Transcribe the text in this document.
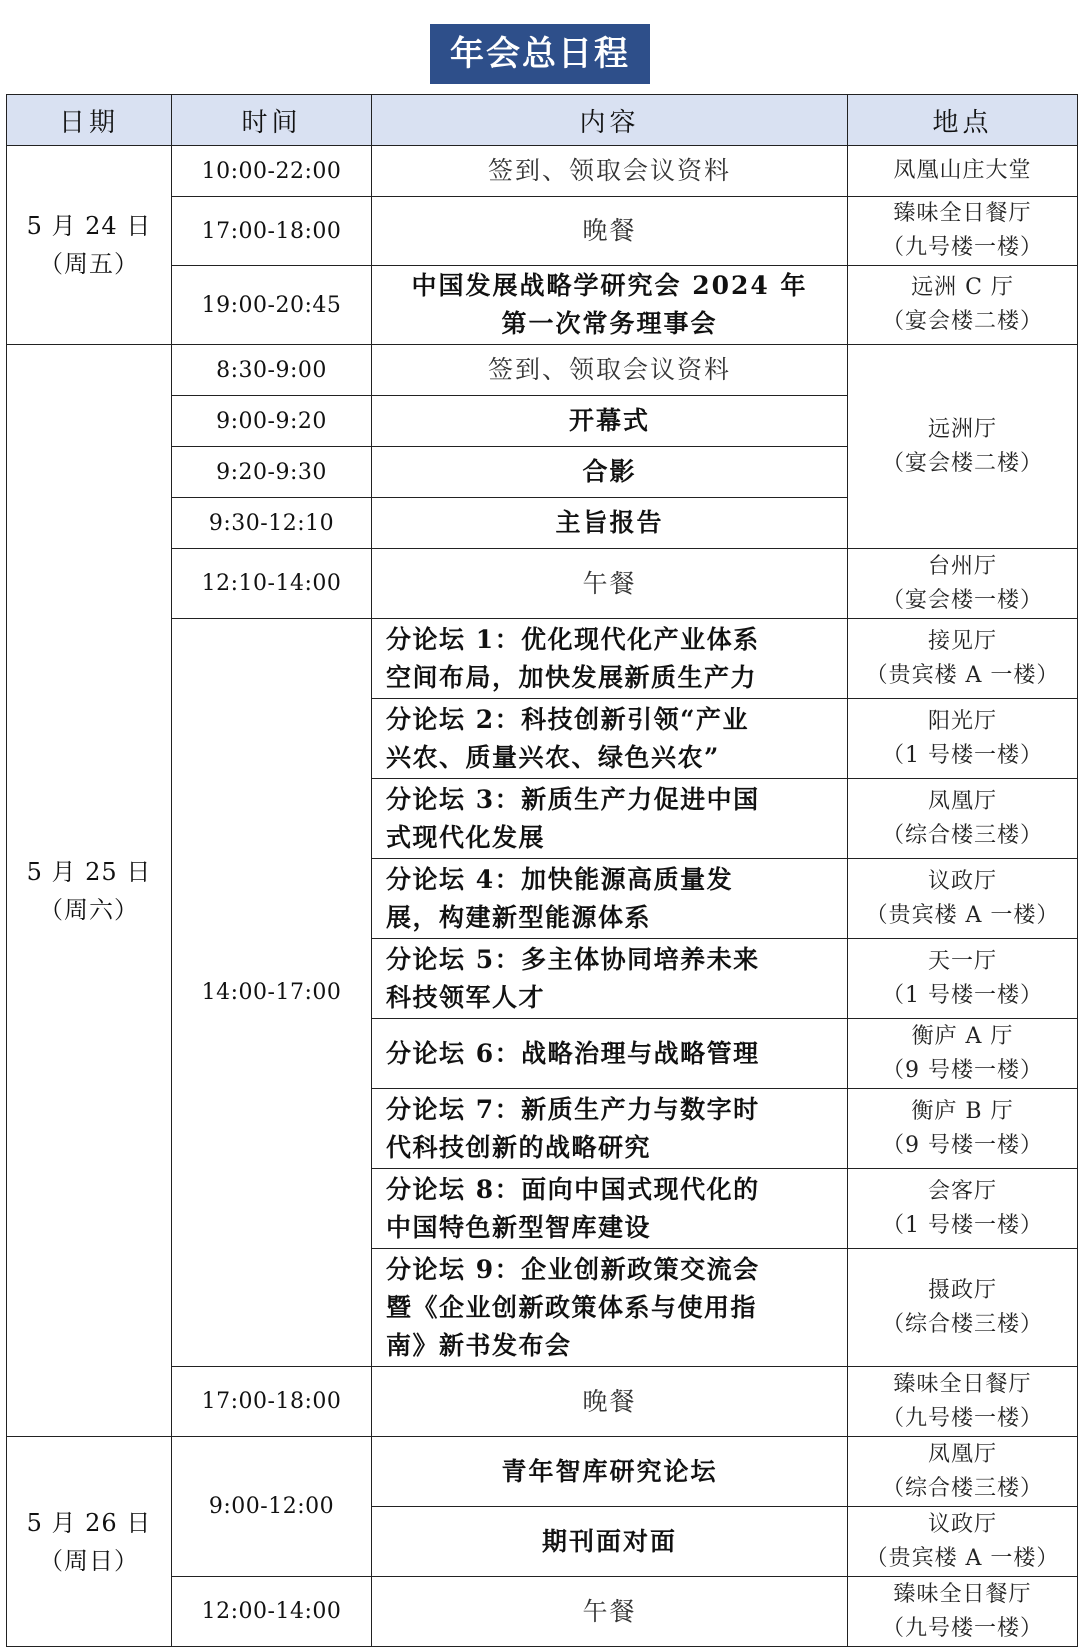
年会总日程
日期	时间	内容	地点

5 月 24 日
（周五）	10:00-22:00	签到、领取会议资料	凤凰山庄大堂

	17:00-18:00	晚餐	臻味全日餐厅
（九号楼一楼）

	19:00-20:45	中国发展战略学研究会 2024 年
第一次常务理事会	远洲 C 厅
（宴会楼二楼）

5 月 25 日
（周六）	8:30-9:00	签到、领取会议资料	远洲厅
（宴会楼二楼）

	9:00-9:20	开幕式	

	9:20-9:30	合影	

	9:30-12:10	主旨报告	

	12:10-14:00	午餐	台州厅
（宴会楼一楼）

	14:00-17:00	分论坛 1：优化现代化产业体系
空间布局，加快发展新质生产力	接见厅
（贵宾楼 A 一楼）

		分论坛 2：科技创新引领“产业
兴农、质量兴农、绿色兴农”	阳光厅
（1 号楼一楼）

		分论坛 3：新质生产力促进中国
式现代化发展	凤凰厅
（综合楼三楼）

		分论坛 4：加快能源高质量发
展，构建新型能源体系	议政厅
（贵宾楼 A 一楼）

		分论坛 5：多主体协同培养未来
科技领军人才	天一厅
（1 号楼一楼）

		分论坛 6：战略治理与战略管理	衡庐 A 厅
（9 号楼一楼）

		分论坛 7：新质生产力与数字时
代科技创新的战略研究	衡庐 B 厅
（9 号楼一楼）

		分论坛 8：面向中国式现代化的
中国特色新型智库建设	会客厅
（1 号楼一楼）

		分论坛 9：企业创新政策交流会
暨《企业创新政策体系与使用指
南》新书发布会	摄政厅
（综合楼三楼）

	17:00-18:00	晚餐	臻味全日餐厅
（九号楼一楼）

5 月 26 日
（周日）	9:00-12:00	青年智库研究论坛	凤凰厅
（综合楼三楼）

		期刊面对面	议政厅
（贵宾楼 A 一楼）

	12:00-14:00	午餐	臻味全日餐厅
（九号楼一楼）
